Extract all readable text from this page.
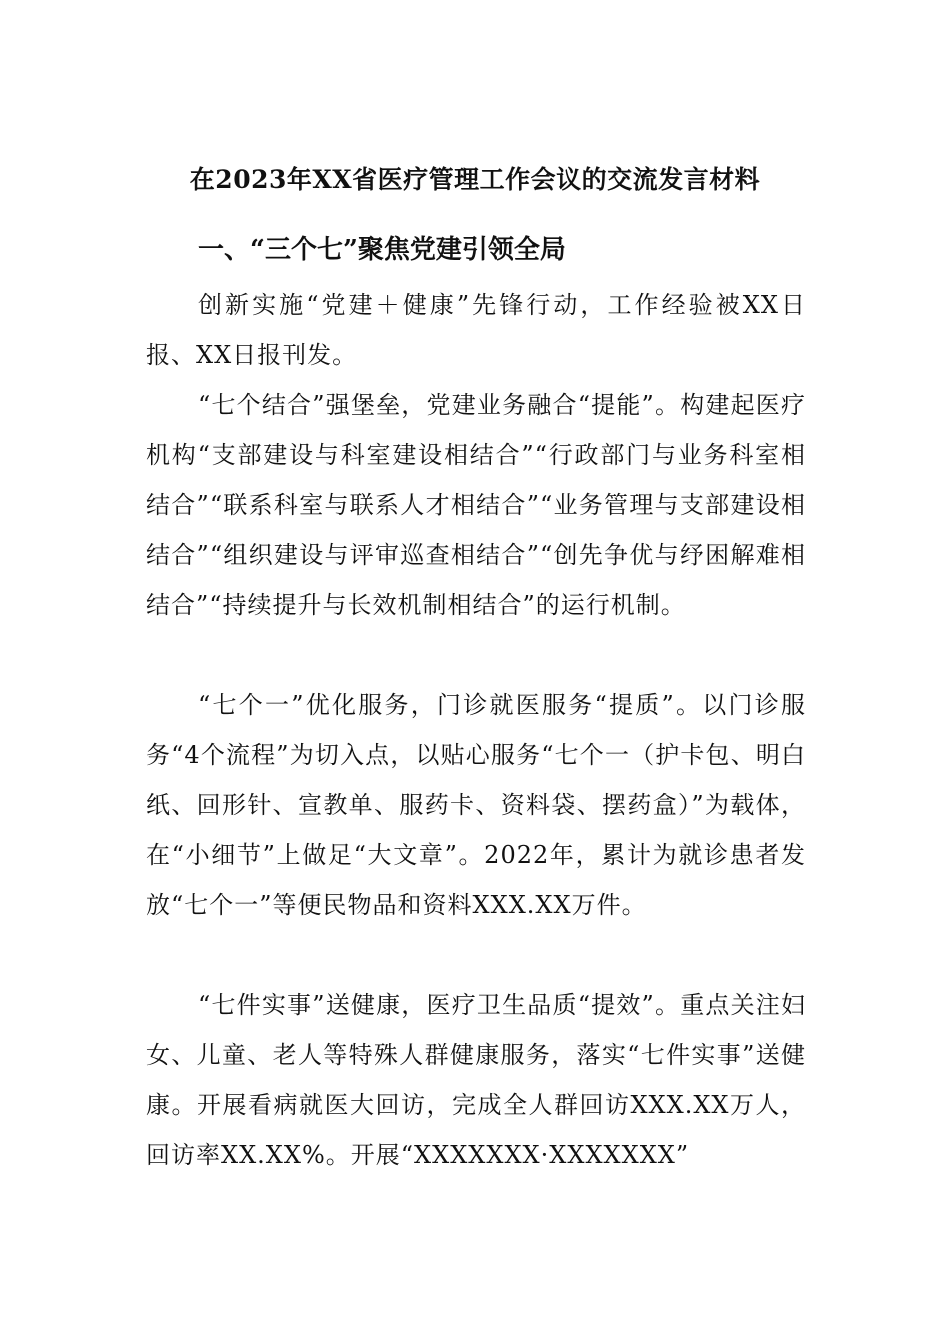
在2023年XX省医疗管理工作会议的交流发言材料
一、“三个七”聚焦党建引领全局

创新实施“党建＋健康”先锋行动，工作经验被XX日报、XX日报刊发。

“七个结合”强堡垒，党建业务融合“提能”。构建起医疗机构“支部建设与科室建设相结合”“行政部门与业务科室相结合”“联系科室与联系人才相结合”“业务管理与支部建设相结合”“组织建设与评审巡查相结合”“创先争优与纾困解难相结合”“持续提升与长效机制相结合”的运行机制。

“七个一”优化服务，门诊就医服务“提质”。以门诊服务“4个流程”为切入点，以贴心服务“七个一（护卡包、明白纸、回形针、宣教单、服药卡、资料袋、摆药盒）”为载体，在“小细节”上做足“大文章”。2022年，累计为就诊患者发放“七个一”等便民物品和资料XXX.XX万件。

“七件实事”送健康，医疗卫生品质“提效”。重点关注妇女、儿童、老人等特殊人群健康服务，落实“七件实事”送健康。开展看病就医大回访，完成全人群回访XXX.XX万人，回访率XX.XX%。开展“XXXXXXX·XXXXXXX”
